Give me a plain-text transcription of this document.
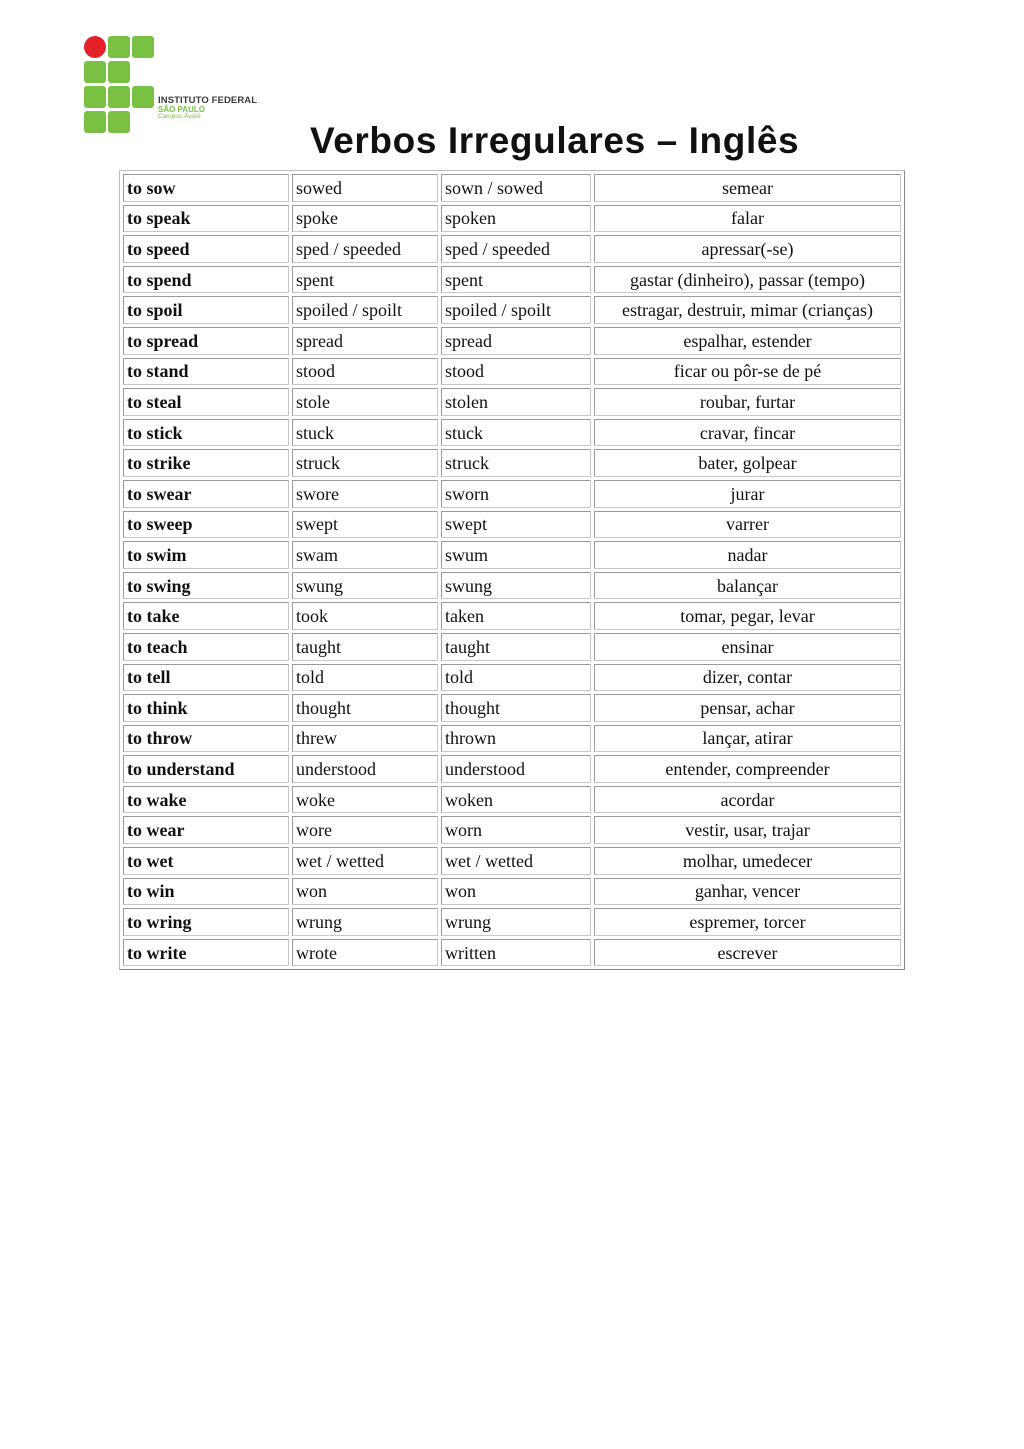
INSTITUTO FEDERAL
SÃO PAULO
Campus Avaré
Verbos Irregulares – Inglês
to sow	sowed	sown / sowed	semear
to speak	spoke	spoken	falar
to speed	sped / speeded	sped / speeded	apressar(-se)
to spend	spent	spent	gastar (dinheiro), passar (tempo)
to spoil	spoiled / spoilt	spoiled / spoilt	estragar, destruir, mimar (crianças)
to spread	spread	spread	espalhar, estender
to stand	stood	stood	ficar ou pôr-se de pé
to steal	stole	stolen	roubar, furtar
to stick	stuck	stuck	cravar, fincar
to strike	struck	struck	bater, golpear
to swear	swore	sworn	jurar
to sweep	swept	swept	varrer
to swim	swam	swum	nadar
to swing	swung	swung	balançar
to take	took	taken	tomar, pegar, levar
to teach	taught	taught	ensinar
to tell	told	told	dizer, contar
to think	thought	thought	pensar, achar
to throw	threw	thrown	lançar, atirar
to understand	understood	understood	entender, compreender
to wake	woke	woken	acordar
to wear	wore	worn	vestir, usar, trajar
to wet	wet / wetted	wet / wetted	molhar, umedecer
to win	won	won	ganhar, vencer
to wring	wrung	wrung	espremer, torcer
to write	wrote	written	escrever
